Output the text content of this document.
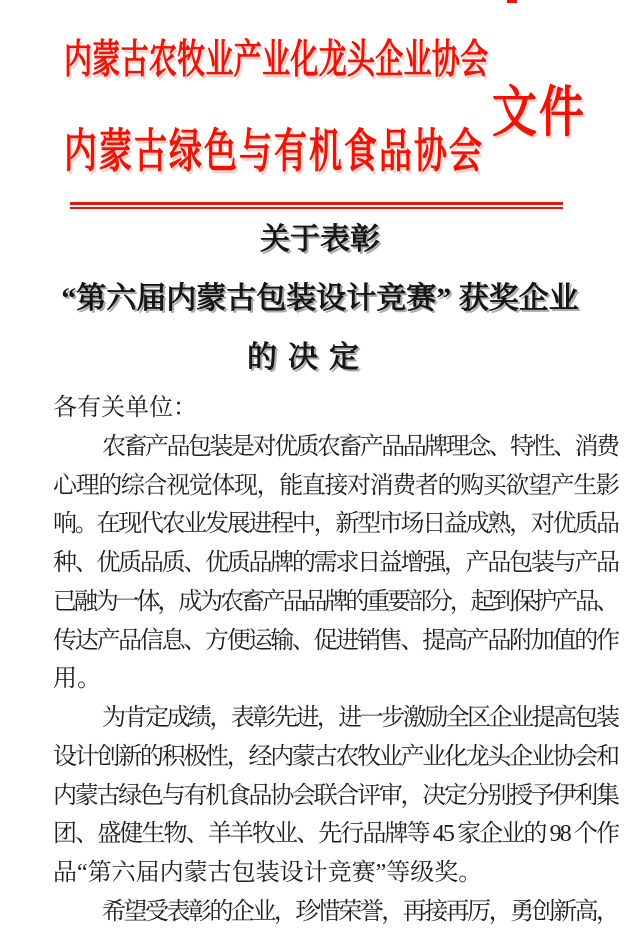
内蒙古农牧业产业化龙头企业协会
文件
内蒙古绿色与有机食品协会
关于表彰
“第六届内蒙古包装设计竞赛” 获奖企业
的决定
各有关单位：
农畜产品包装是对优质农畜产品品牌理念、特性、消费
心理的综合视觉体现，能直接对消费者的购买欲望产生影
响。在现代农业发展进程中，新型市场日益成熟，对优质品
种、优质品质、优质品牌的需求日益增强，产品包装与产品
已融为一体，成为农畜产品品牌的重要部分，起到保护产品、
传达产品信息、方便运输、促进销售、提高产品附加值的作
用。
为肯定成绩，表彰先进，进一步激励全区企业提高包装
设计创新的积极性，经内蒙古农牧业产业化龙头企业协会和
内蒙古绿色与有机食品协会联合评审，决定分别授予伊利集
团、盛健生物、羊羊牧业、先行品牌等 45 家企业的 98 个作
品“第六届内蒙古包装设计竞赛”等级奖。
希望受表彰的企业，珍惜荣誉，再接再厉，勇创新高，
